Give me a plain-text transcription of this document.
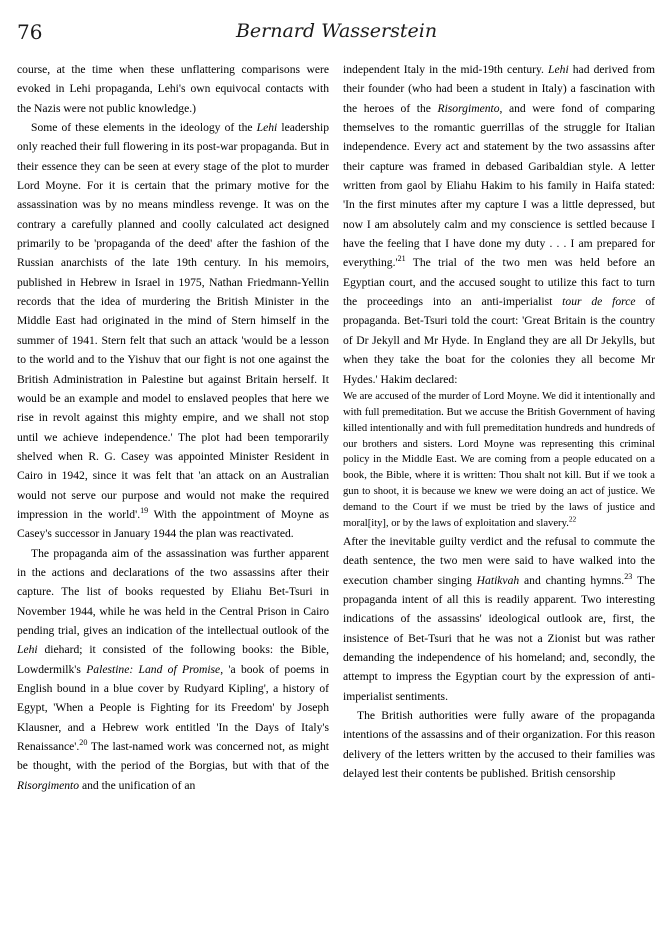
76	Bernard Wasserstein

course, at the time when these unflattering comparisons were evoked in Lehi propaganda, Lehi's own equivocal contacts with the Nazis were not public knowledge.)

Some of these elements in the ideology of the Lehi leadership only reached their full flowering in its post-war propaganda. But in their essence they can be seen at every stage of the plot to murder Lord Moyne. For it is certain that the primary motive for the assassination was by no means mindless revenge. It was on the contrary a carefully planned and coolly calculated act designed primarily to be 'propaganda of the deed' after the fashion of the Russian anarchists of the late 19th century. In his memoirs, published in Hebrew in Israel in 1975, Nathan Friedmann-Yellin records that the idea of murdering the British Minister in the Middle East had originated in the mind of Stern himself in the summer of 1941. Stern felt that such an attack 'would be a lesson to the world and to the Yishuv that our fight is not one against the British Administration in Palestine but against Britain herself. It would be an example and model to enslaved peoples that here we rise in revolt against this mighty empire, and we shall not stop until we achieve independence.' The plot had been temporarily shelved when R. G. Casey was appointed Minister Resident in Cairo in 1942, since it was felt that 'an attack on an Australian would not serve our purpose and would not make the required impression in the world'.$^{19}$ With the appointment of Moyne as Casey's successor in January 1944 the plan was reactivated.

The propaganda aim of the assassination was further apparent in the actions and declarations of the two assassins after their capture. The list of books requested by Eliahu Bet-Tsuri in November 1944, while he was held in the Central Prison in Cairo pending trial, gives an indication of the intellectual outlook of the Lehi diehard; it consisted of the following books: the Bible, Lowdermilk's Palestine: Land of Promise, 'a book of poems in English bound in a blue cover by Rudyard Kipling', a history of Egypt, 'When a People is Fighting for its Freedom' by Joseph Klausner, and a Hebrew work entitled 'In the Days of Italy's Renaissance'.$^{20}$ The last-named work was concerned not, as might be thought, with the period of the Borgias, but with that of the Risorgimento and the unification of an

independent Italy in the mid-19th century. Lehi had derived from their founder (who had been a student in Italy) a fascination with the heroes of the Risorgimento, and were fond of comparing themselves to the romantic guerrillas of the struggle for Italian independence. Every act and statement by the two assassins after their capture was framed in debased Garibaldian style. A letter written from gaol by Eliahu Hakim to his family in Haifa stated: 'In the first minutes after my capture I was a little depressed, but now I am absolutely calm and my conscience is settled because I have the feeling that I have done my duty . . . I am prepared for $everything.'^{21}$ The trial of the two men was held before an Egyptian court, and the accused sought to utilize this fact to turn the proceedings into an anti-imperialist tour de force of propaganda. Bet-Tsuri told the court: 'Great Britain is the country of Dr Jekyll and Mr Hyde. In England they are all Dr Jekylls, but when they take the boat for the colonies they all become Mr Hydes.' Hakim declared:

We are accused of the murder of Lord Moyne. We did it intentionally and with full premeditation. But we accuse the British Government of having killed intentionally and with full premeditation hundreds and hundreds of our brothers and sisters. Lord Moyne was representing this criminal policy in the Middle East. We are coming from a people educated on a book, the Bible, where it is written: Thou shalt not kill. But if we took a gun to shoot, it is because we knew we were doing an act of justice. We demand to the Court if we must be tried by the laws of justice and moral[ity], or by the laws of exploitation and slavery.$^{22}$

After the inevitable guilty verdict and the refusal to commute the death sentence, the two men were said to have walked into the execution chamber singing Hatikvah and chanting hymns.$^{23}$ The propaganda intent of all this is readily apparent. Two interesting indications of the assassins' ideological outlook are, first, the insistence of Bet-Tsuri that he was not a Zionist but was rather demanding the independence of his homeland; and, secondly, the attempt to impress the Egyptian court by the expression of anti-imperialist sentiments.

The British authorities were fully aware of the propaganda intentions of the assassins and of their organization. For this reason delivery of the letters written by the accused to their families was delayed lest their contents be published. British censorship
